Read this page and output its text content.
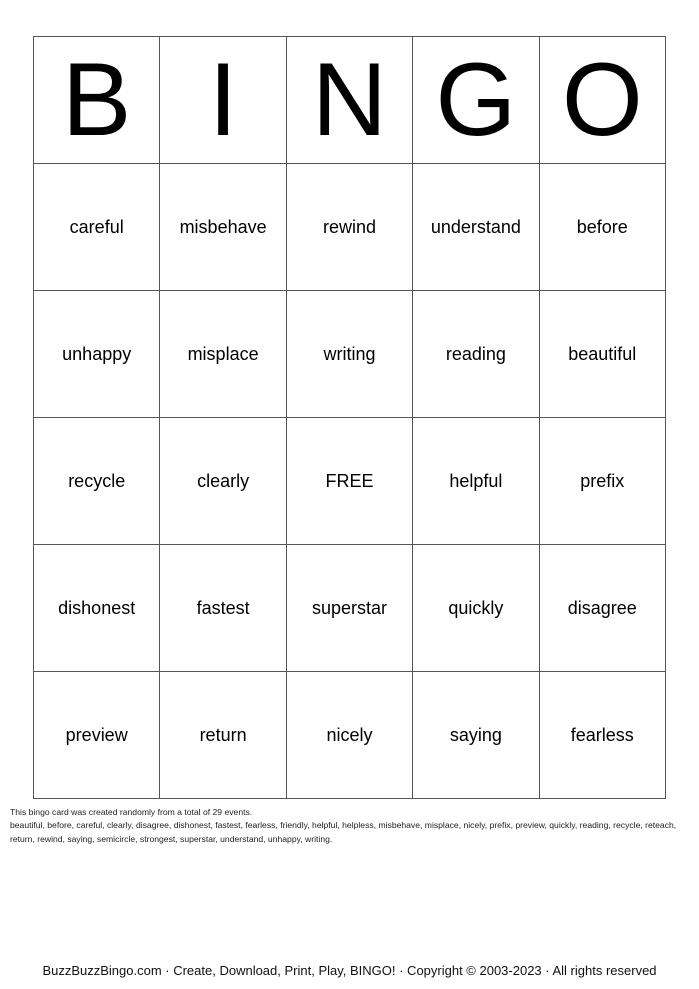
B	I	N	G	O
careful	misbehave	rewind	understand	before
unhappy	misplace	writing	reading	beautiful
recycle	clearly	FREE	helpful	prefix
dishonest	fastest	superstar	quickly	disagree
preview	return	nicely	saying	fearless
This bingo card was created randomly from a total of 29 events.
beautiful, before, careful, clearly, disagree, dishonest, fastest, fearless, friendly, helpful, helpless, misbehave, misplace, nicely, prefix, preview, quickly, reading, recycle, reteach, return, rewind, saying, semicircle, strongest, superstar, understand, unhappy, writing.
BuzzBuzzBingo.com · Create, Download, Print, Play, BINGO! · Copyright © 2003-2023 · All rights reserved
